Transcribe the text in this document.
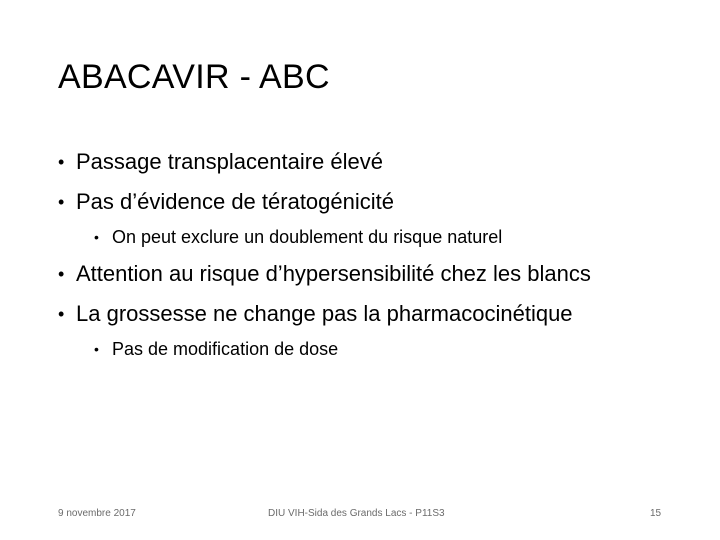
ABACAVIR - ABC
• Passage transplacentaire élevé
• Pas d’évidence de tératogénicité
• On peut exclure un doublement du risque naturel
• Attention au risque d’hypersensibilité chez les blancs
• La grossesse ne change pas la pharmacocinétique
• Pas de modification de dose
9 novembre 2017	DIU VIH-Sida des Grands Lacs - P11S3	15
